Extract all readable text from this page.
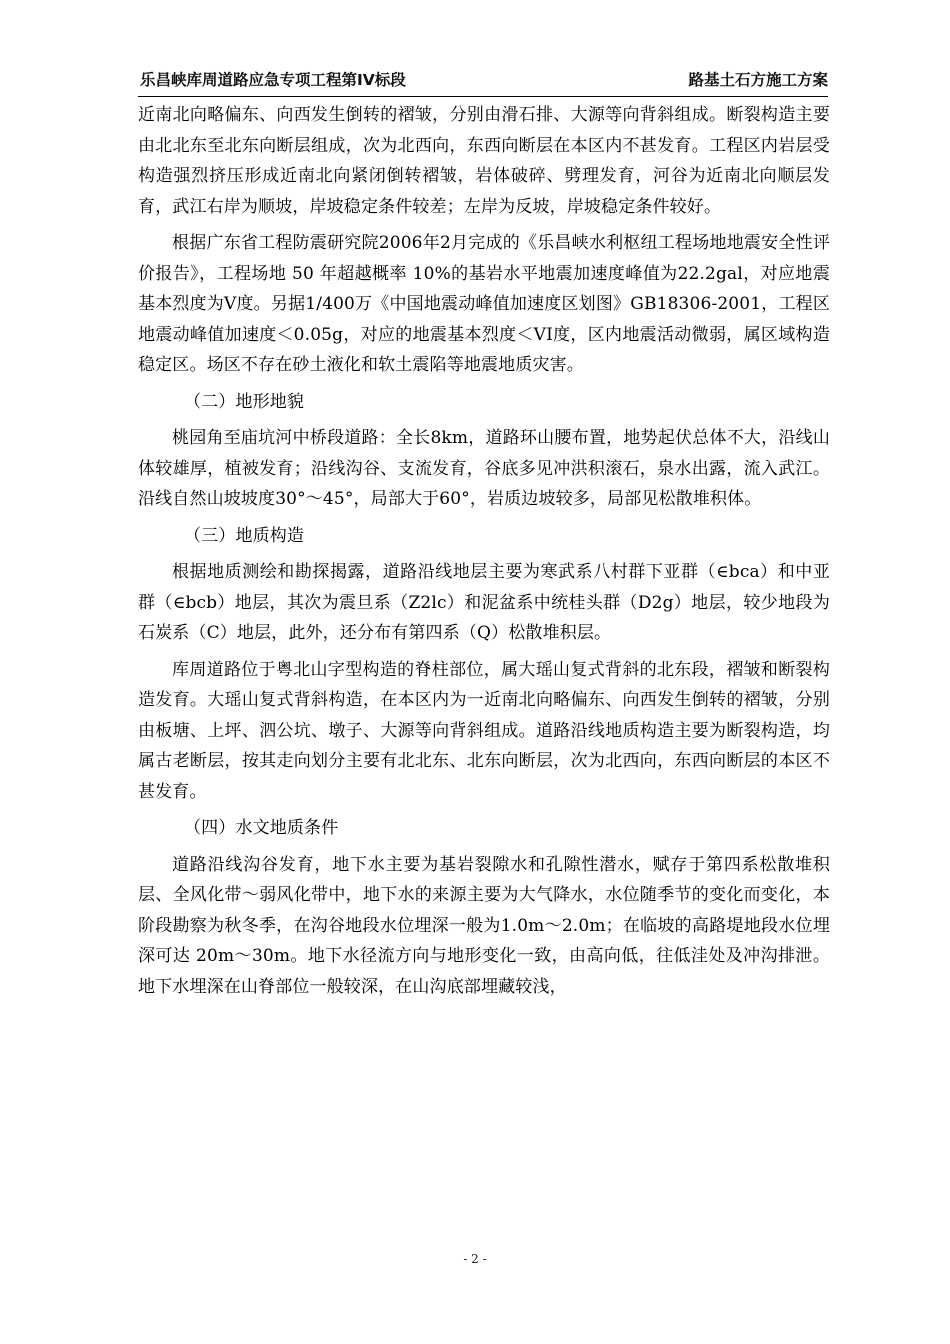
乐昌峡库周道路应急专项工程第IV标段	路基土石方施工方案

近南北向略偏东、向西发生倒转的褶皱，分别由滑石排、大源等向背斜组成。断裂构造主要由北北东至北东向断层组成，次为北西向，东西向断层在本区内不甚发育。工程区内岩层受构造强烈挤压形成近南北向紧闭倒转褶皱，岩体破碎、劈理发育，河谷为近南北向顺层发育，武江右岸为顺坡，岸坡稳定条件较差；左岸为反坡，岸坡稳定条件较好。

根据广东省工程防震研究院2006年2月完成的《乐昌峡水利枢纽工程场地地震安全性评价报告》，工程场地 50 年超越概率 10%的基岩水平地震加速度峰值为22.2gal，对应地震基本烈度为Ⅴ度。另据1/400万《中国地震动峰值加速度区划图》GB18306-2001，工程区地震动峰值加速度＜0.05g，对应的地震基本烈度＜VI度，区内地震活动微弱，属区域构造稳定区。场区不存在砂土液化和软土震陷等地震地质灾害。

（二）地形地貌

桃园角至庙坑河中桥段道路：全长8km，道路环山腰布置，地势起伏总体不大，沿线山体较雄厚，植被发育；沿线沟谷、支流发育，谷底多见冲洪积滚石，泉水出露，流入武江。沿线自然山坡坡度30°～45°，局部大于60°，岩质边坡较多，局部见松散堆积体。

（三）地质构造

根据地质测绘和勘探揭露，道路沿线地层主要为寒武系八村群下亚群（∈bca）和中亚群（∈bcb）地层，其次为震旦系（Z2lc）和泥盆系中统桂头群（D2g）地层，较少地段为石炭系（C）地层，此外，还分布有第四系（Q）松散堆积层。

库周道路位于粤北山字型构造的脊柱部位，属大瑶山复式背斜的北东段，褶皱和断裂构造发育。大瑶山复式背斜构造，在本区内为一近南北向略偏东、向西发生倒转的褶皱，分别由板塘、上坪、泗公坑、墩子、大源等向背斜组成。道路沿线地质构造主要为断裂构造，均属古老断层，按其走向划分主要有北北东、北东向断层，次为北西向，东西向断层的本区不甚发育。

（四）水文地质条件

道路沿线沟谷发育，地下水主要为基岩裂隙水和孔隙性潜水，赋存于第四系松散堆积层、全风化带～弱风化带中，地下水的来源主要为大气降水，水位随季节的变化而变化，本阶段勘察为秋冬季，在沟谷地段水位埋深一般为1.0m～2.0m；在临坡的高路堤地段水位埋深可达 20m～30m。地下水径流方向与地形变化一致，由高向低，往低洼处及冲沟排泄。地下水埋深在山脊部位一般较深，在山沟底部埋藏较浅，

- 2 -
